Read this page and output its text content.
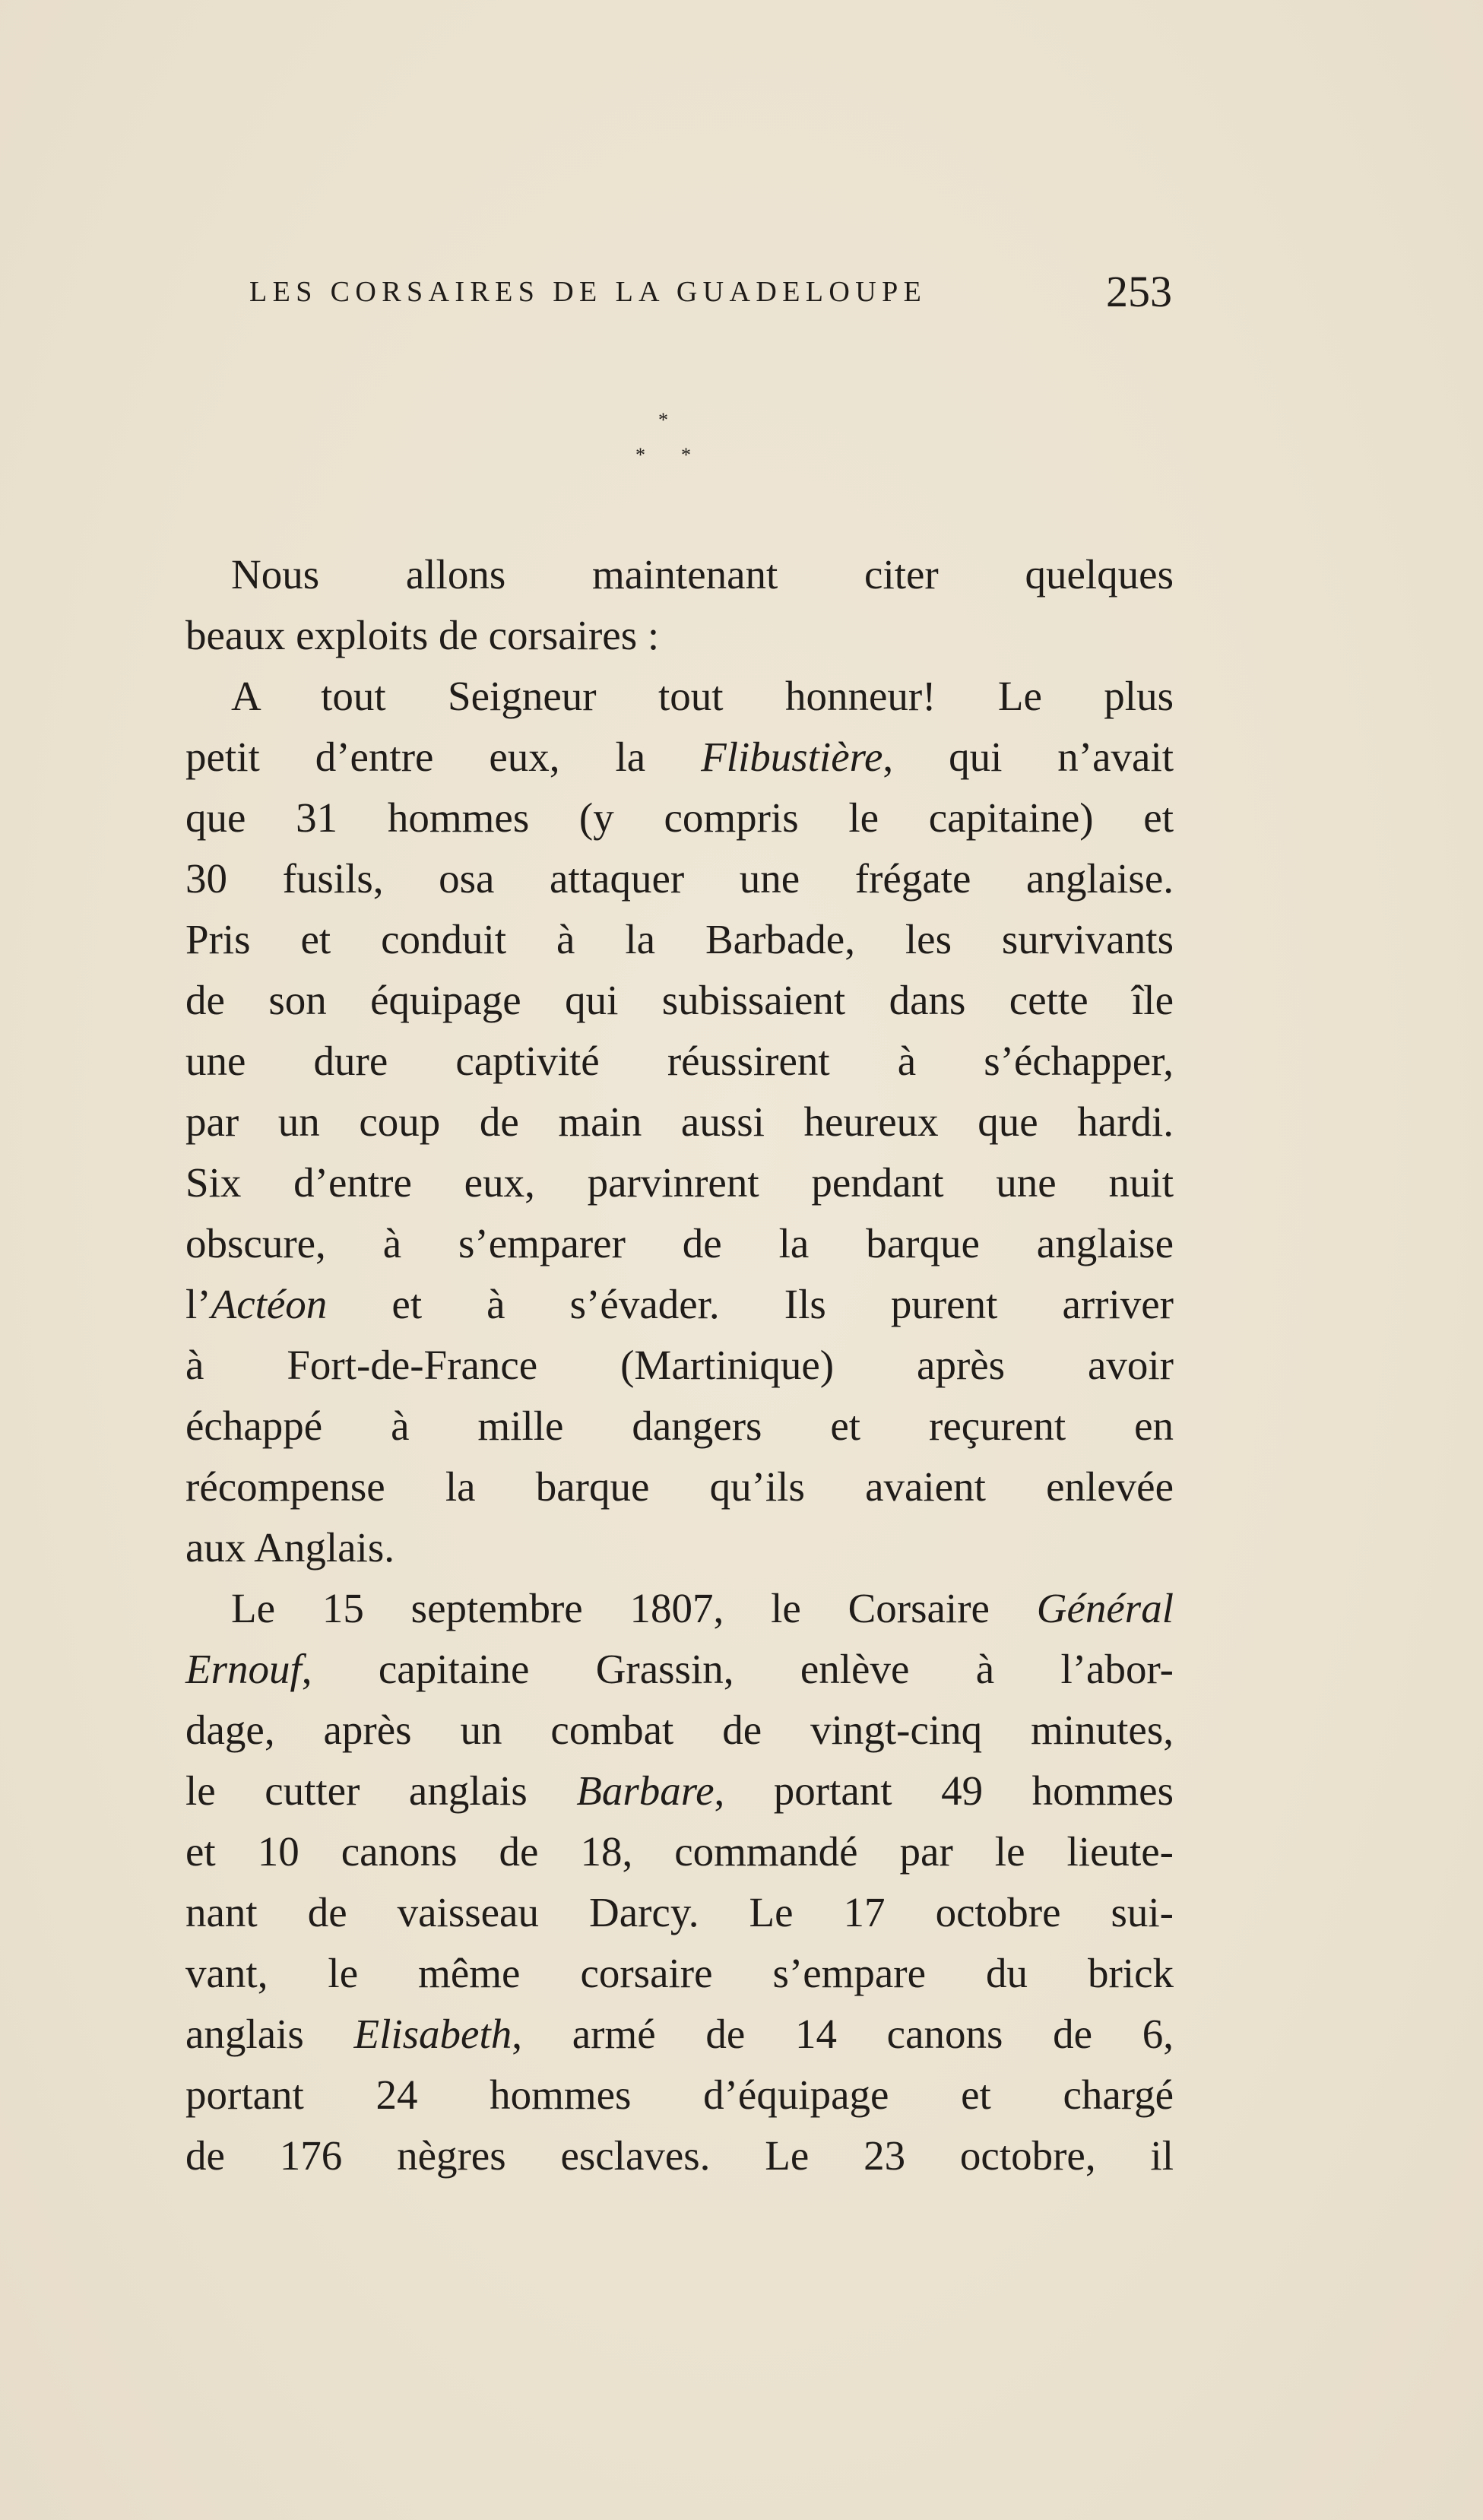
LES CORSAIRES DE LA GUADELOUPE	253
*
* *
Nous allons maintenant citer quelques
beaux exploits de corsaires :
A tout Seigneur tout honneur! Le plus
petit d’entre eux, la Flibustière, qui n’avait
que 31 hommes (y compris le capitaine) et
30 fusils, osa attaquer une frégate anglaise.
Pris et conduit à la Barbade, les survivants
de son équipage qui subissaient dans cette île
une dure captivité réussirent à s’échapper,
par un coup de main aussi heureux que hardi.
Six d’entre eux, parvinrent pendant une nuit
obscure, à s’emparer de la barque anglaise
l’Actéon et à s’évader. Ils purent arriver
à Fort-de-France (Martinique) après avoir
échappé à mille dangers et reçurent en
récompense la barque qu’ils avaient enlevée
aux Anglais.
Le 15 septembre 1807, le Corsaire Général
Ernouf, capitaine Grassin, enlève à l’abor-
dage, après un combat de vingt-cinq minutes,
le cutter anglais Barbare, portant 49 hommes
et 10 canons de 18, commandé par le lieute-
nant de vaisseau Darcy. Le 17 octobre sui-
vant, le même corsaire s’empare du brick
anglais Elisabeth, armé de 14 canons de 6,
portant 24 hommes d’équipage et chargé
de 176 nègres esclaves. Le 23 octobre, il
